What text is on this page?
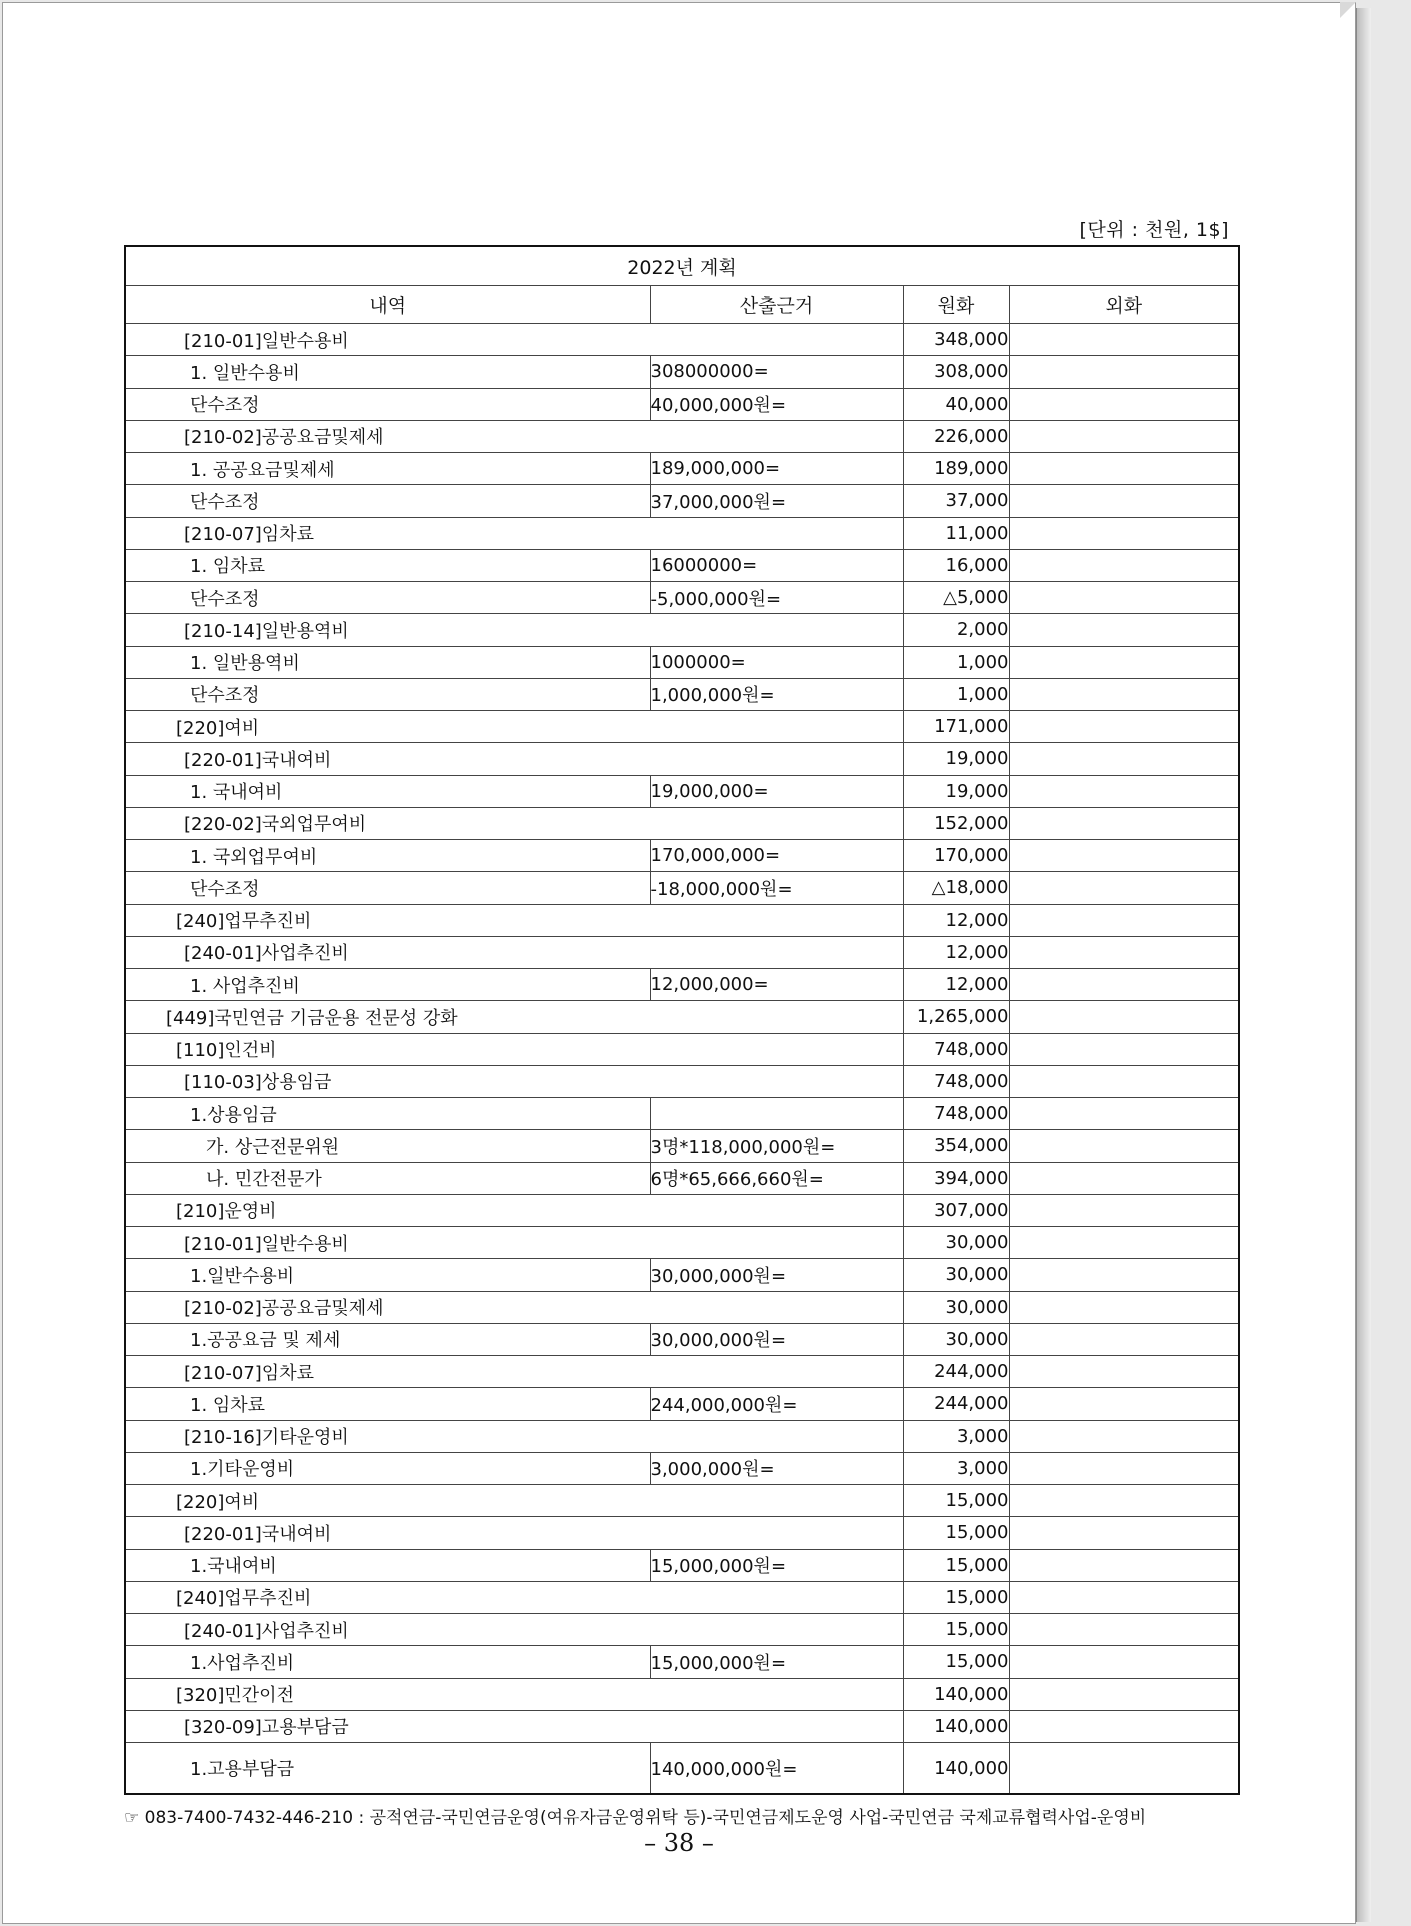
[단위 : 천원, 1$]
2022년 계획			
내역	산출근거	원화	외화
[210-01]일반수용비		348,000	
1. 일반수용비	308000000=	308,000	
단수조정	40,000,000원=	40,000	
[210-02]공공요금및제세		226,000	
1. 공공요금및제세	189,000,000=	189,000	
단수조정	37,000,000원=	37,000	
[210-07]임차료		11,000	
1. 임차료	16000000=	16,000	
단수조정	-5,000,000원=	△5,000	
[210-14]일반용역비		2,000	
1. 일반용역비	1000000=	1,000	
단수조정	1,000,000원=	1,000	
[220]여비		171,000	
[220-01]국내여비		19,000	
1. 국내여비	19,000,000=	19,000	
[220-02]국외업무여비		152,000	
1. 국외업무여비	170,000,000=	170,000	
단수조정	-18,000,000원=	△18,000	
[240]업무추진비		12,000	
[240-01]사업추진비		12,000	
1. 사업추진비	12,000,000=	12,000	
[449]국민연금 기금운용 전문성 강화		1,265,000	
[110]인건비		748,000	
[110-03]상용임금		748,000	
1.상용임금		748,000	
가. 상근전문위원	3명*118,000,000원=	354,000	
나. 민간전문가	6명*65,666,660원=	394,000	
[210]운영비		307,000	
[210-01]일반수용비		30,000	
1.일반수용비	30,000,000원=	30,000	
[210-02]공공요금및제세		30,000	
1.공공요금 및 제세	30,000,000원=	30,000	
[210-07]임차료		244,000	
1. 임차료	244,000,000원=	244,000	
[210-16]기타운영비		3,000	
1.기타운영비	3,000,000원=	3,000	
[220]여비		15,000	
[220-01]국내여비		15,000	
1.국내여비	15,000,000원=	15,000	
[240]업무추진비		15,000	
[240-01]사업추진비		15,000	
1.사업추진비	15,000,000원=	15,000	
[320]민간이전		140,000	
[320-09]고용부담금		140,000	
1.고용부담금	140,000,000원=	140,000	
☞ 083-7400-7432-446-210 : 공적연금-국민연금운영(여유자금운영위탁 등)-국민연금제도운영 사업-국민연금 국제교류협력사업-운영비
– 38 –
